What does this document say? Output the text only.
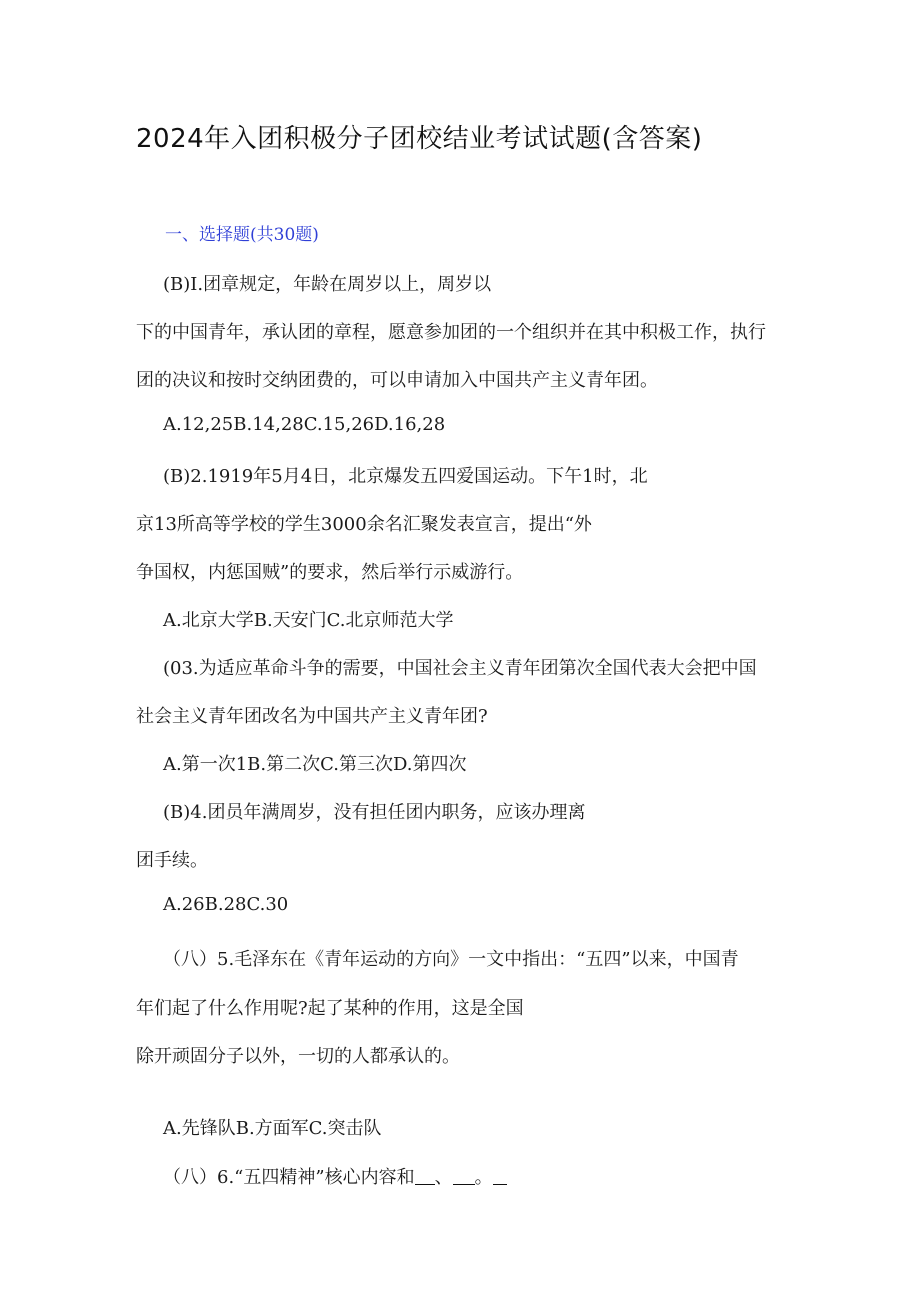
2024年入团积极分子团校结业考试试题(含答案)
一、选择题(共30题)
(B)I.团章规定，年龄在周岁以上，周岁以
下的中国青年，承认团的章程，愿意参加团的一个组织并在其中积极工作，执行
团的决议和按时交纳团费的，可以申请加入中国共产主义青年团。
A.12,25B.14,28C.15,26D.16,28
(B)2.1919年5月4日，北京爆发五四爱国运动。下午1时，北
京13所高等学校的学生3000余名汇聚发表宣言，提出“外
争国权，内惩国贼”的要求，然后举行示威游行。
A.北京大学B.天安门C.北京师范大学
(03.为适应革命斗争的需要，中国社会主义青年团第次全国代表大会把中国
社会主义青年团改名为中国共产主义青年团?
A.第一次1B.第二次C.第三次D.第四次
(B)4.团员年满周岁，没有担任团内职务，应该办理离
团手续。
A.26B.28C.30
（八）5.毛泽东在《青年运动的方向》一文中指出：“五四”以来，中国青
年们起了什么作用呢?起了某种的作用，这是全国
除开顽固分子以外，一切的人都承认的。
A.先锋队B.方面军C.突击队
（八）6.“五四精神”核心内容和 、 。
